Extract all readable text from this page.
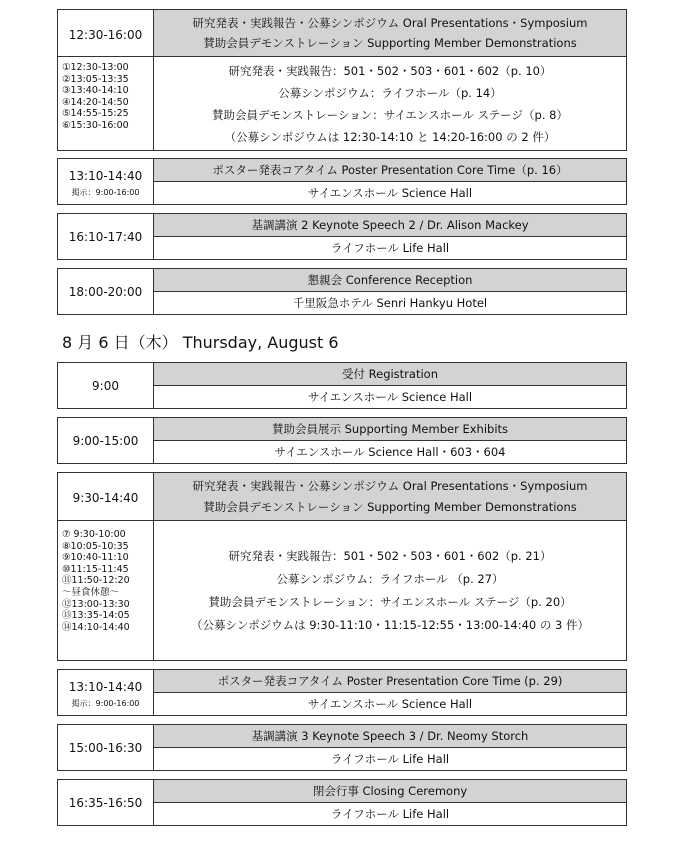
12:30-16:00
①12:30-13:00
②13:05-13:35
③13:40-14:10
④14:20-14:50
⑤14:55-15:25
⑥15:30-16:00
研究発表・実践報告・公募シンポジウム Oral Presentations・Symposium
賛助会員デモンストレーション Supporting Member Demonstrations
研究発表・実践報告：501・502・503・601・602（p. 10）
公募シンポジウム：ライフホール（p. 14）
賛助会員デモンストレーション：サイエンスホール ステージ（p. 8）
（公募シンポジウムは 12:30-14:10 と 14:20-16:00 の 2 件）
13:10-14:40
掲示：9:00-16:00
ポスター発表コアタイム Poster Presentation Core Time（p. 16）
サイエンスホール Science Hall
16:10-17:40
基調講演 2 Keynote Speech 2 / Dr. Alison Mackey
ライフホール Life Hall
18:00-20:00
懇親会 Conference Reception
千里阪急ホテル Senri Hankyu Hotel
8 月 6 日（木） Thursday, August 6
9:00
受付 Registration
サイエンスホール Science Hall
9:00-15:00
賛助会員展示 Supporting Member Exhibits
サイエンスホール Science Hall・603・604
9:30-14:40
⑦ 9:30-10:00
⑧10:05-10:35
⑨10:40-11:10
⑩11:15-11:45
⑪11:50-12:20
～昼食休憩～
⑫13:00-13:30
⑬13:35-14:05
⑭14:10-14:40
研究発表・実践報告・公募シンポジウム Oral Presentations・Symposium
賛助会員デモンストレーション Supporting Member Demonstrations
研究発表・実践報告：501・502・503・601・602（p. 21）
公募シンポジウム：ライフホール （p. 27）
賛助会員デモンストレーション：サイエンスホール ステージ（p. 20）
（公募シンポジウムは 9:30-11:10・11:15-12:55・13:00-14:40 の 3 件）
13:10-14:40
掲示：9:00-16:00
ポスター発表コアタイム Poster Presentation Core Time (p. 29)
サイエンスホール Science Hall
15:00-16:30
基調講演 3 Keynote Speech 3 / Dr. Neomy Storch
ライフホール Life Hall
16:35-16:50
閉会行事 Closing Ceremony
ライフホール Life Hall
